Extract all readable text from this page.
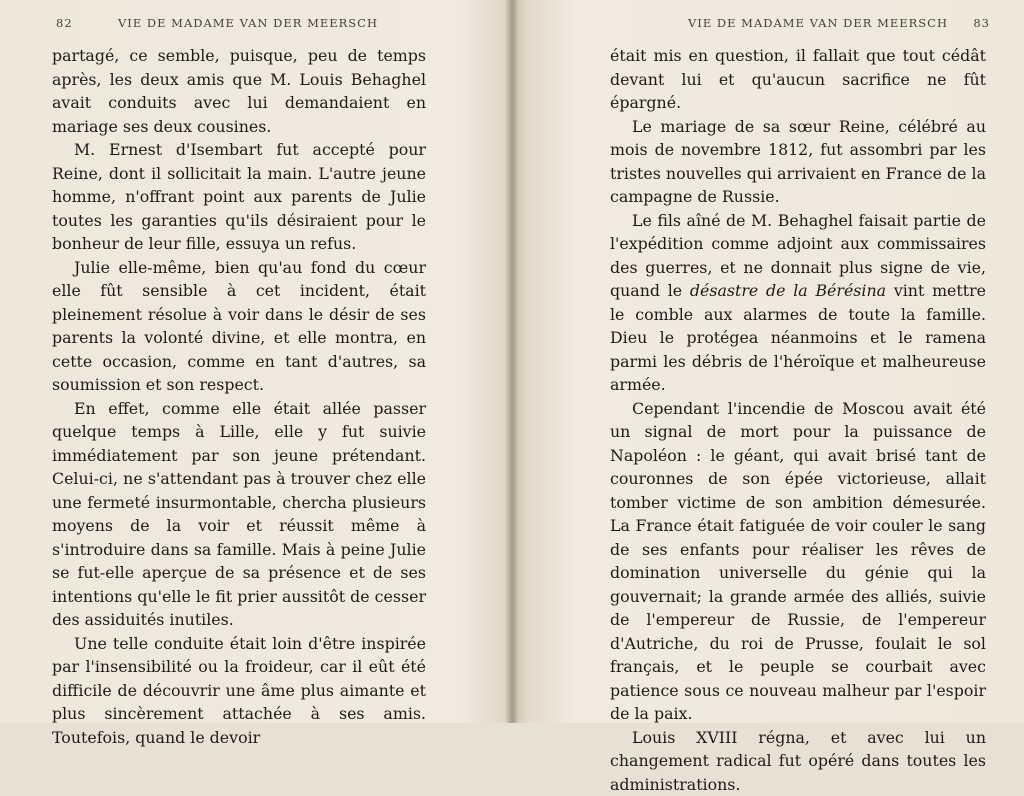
82	VIE DE MADAME VAN DER MEERSCH

partagé, ce semble, puisque, peu de temps après, les deux amis que M. Louis Behaghel avait conduits avec lui demandaient en mariage ses deux cousines.

M. Ernest d'Isembart fut accepté pour Reine, dont il sollicitait la main. L'autre jeune homme, n'offrant point aux parents de Julie toutes les garanties qu'ils désiraient pour le bonheur de leur fille, essuya un refus.

Julie elle-même, bien qu'au fond du cœur elle fût sensible à cet incident, était pleinement résolue à voir dans le désir de ses parents la volonté divine, et elle montra, en cette occasion, comme en tant d'autres, sa soumission et son respect.

En effet, comme elle était allée passer quelque temps à Lille, elle y fut suivie immédiatement par son jeune prétendant. Celui-ci, ne s'attendant pas à trouver chez elle une fermeté insurmontable, chercha plusieurs moyens de la voir et réussit même à s'introduire dans sa famille. Mais à peine Julie se fut-elle aperçue de sa présence et de ses intentions qu'elle le fit prier aussitôt de cesser des assiduités inutiles.

Une telle conduite était loin d'être inspirée par l'insensibilité ou la froideur, car il eût été difficile de découvrir une âme plus aimante et plus sincèrement attachée à ses amis. Toutefois, quand le devoir

VIE DE MADAME VAN DER MEERSCH 83

était mis en question, il fallait que tout cédât devant lui et qu'aucun sacrifice ne fût épargné.

Le mariage de sa sœur Reine, célébré au mois de novembre 1812, fut assombri par les tristes nouvelles qui arrivaient en France de la campagne de Russie.

Le fils aîné de M. Behaghel faisait partie de l'expédition comme adjoint aux commissaires des guerres, et ne donnait plus signe de vie, quand le désastre de la Bérésina vint mettre le comble aux alarmes de toute la famille. Dieu le protégea néanmoins et le ramena parmi les débris de l'héroïque et malheureuse armée.

Cependant l'incendie de Moscou avait été un signal de mort pour la puissance de Napoléon : le géant, qui avait brisé tant de couronnes de son épée victorieuse, allait tomber victime de son ambition démesurée. La France était fatiguée de voir couler le sang de ses enfants pour réaliser les rêves de domination universelle du génie qui la gouvernait; la grande armée des alliés, suivie de l'empereur de Russie, de l'empereur d'Autriche, du roi de Prusse, foulait le sol français, et le peuple se courbait avec patience sous ce nouveau malheur par l'espoir de la paix.

Louis XVIII régna, et avec lui un changement radical fut opéré dans toutes les administrations.
